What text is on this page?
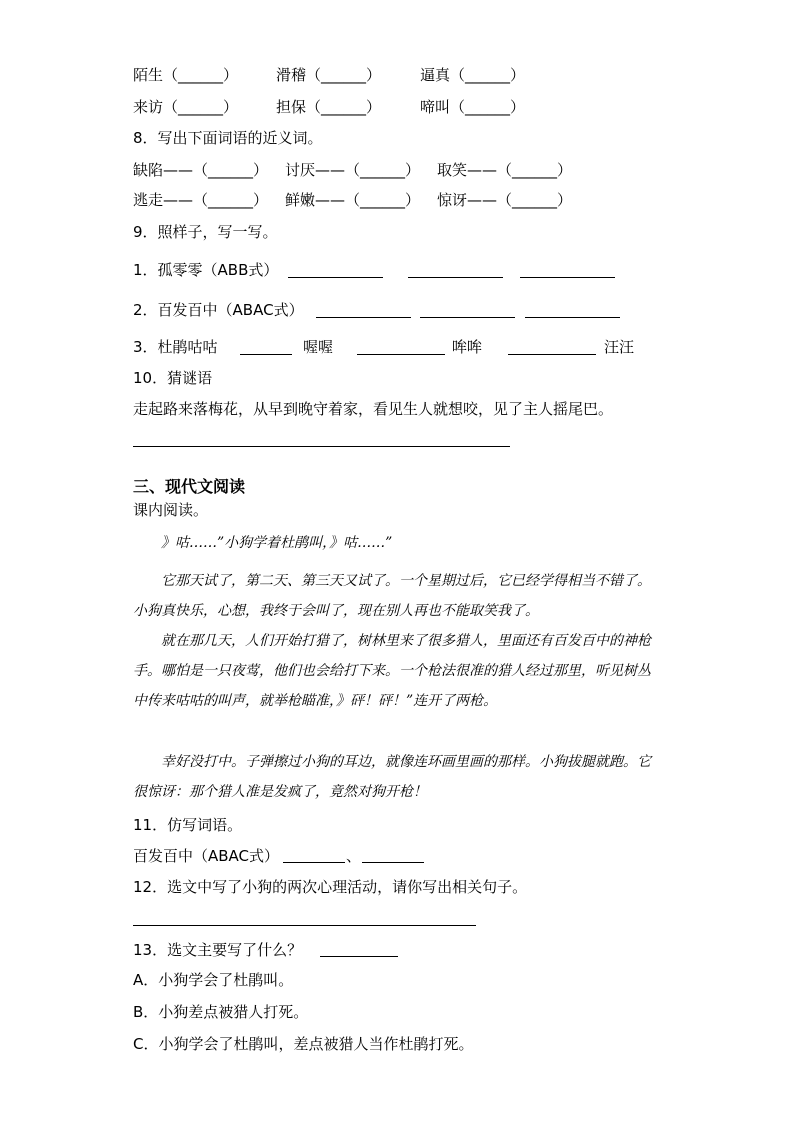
陌生（______）	滑稽（______）	逼真（______）
来访（______）	担保（______）	啼叫（______）
8．写出下面词语的近义词。
缺陷——（______） 讨厌——（______） 取笑——（______）
逃走——（______） 鲜嫩——（______） 惊讶——（______）
9．照样子，写一写。
1．孤零零（ABB式）
2．百发百中（ABAC式）
3．杜鹃咕咕	喔喔	哞哞	汪汪
10．猜谜语
走起路来落梅花，从早到晚守着家，看见生人就想咬，见了主人摇尾巴。
三、现代文阅读
课内阅读。
》咕……”小狗学着杜鹃叫，》咕……”
它那天试了，第二天、第三天又试了。一个星期过后，它已经学得相当不错了。小狗真快乐，心想，我终于会叫了，现在别人再也不能取笑我了。
就在那几天，人们开始打猎了，树林里来了很多猎人，里面还有百发百中的神枪手。哪怕是一只夜莺，他们也会给打下来。一个枪法很准的猎人经过那里，听见树丛中传来咕咕的叫声，就举枪瞄准，》砰！砰！”连开了两枪。
幸好没打中。子弹擦过小狗的耳边，就像连环画里画的那样。小狗拔腿就跑。它很惊讶：那个猎人准是发疯了，竟然对狗开枪！
11．仿写词语。
百发百中（ABAC式）	、
12．选文中写了小狗的两次心理活动，请你写出相关句子。
13．选文主要写了什么？
A．小狗学会了杜鹃叫。
B．小狗差点被猎人打死。
C．小狗学会了杜鹃叫，差点被猎人当作杜鹃打死。
